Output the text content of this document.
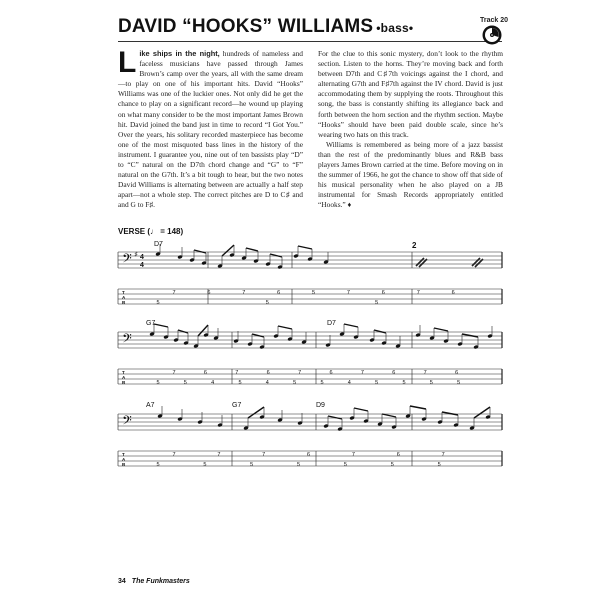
DAVID “HOOKS” WILLIAMS •bass•
Track 20

Like ships in the night, hundreds of nameless and faceless musicians have passed through James Brown’s camp over the years, all with the same dream—to play on one of his important hits. David “Hooks” Williams was one of the luckier ones. Not only did he get the chance to play on a significant record—he wound up playing on what many consider to be the most important James Brown hit. David joined the band just in time to record “I Got You.” Over the years, his solitary recorded masterpiece has become one of the most misquoted bass lines in the history of the instrument. I guarantee you, nine out of ten bassists play “D” to “C” natural on the D7th chord change and “G” to “F” natural on the G7th. It’s a bit tough to hear, but the two notes David Williams is alternating between are actually a half step apart—not a whole step. The correct pitches are D to C♯ and and G to F♯.

For the clue to this sonic mystery, don’t look to the rhythm section. Listen to the horns. They’re moving back and forth between D7th and C♯7th voicings against the I chord, and alternating G7th and F♯7th against the IV chord. David is just accommodating them by supplying the roots. Throughout this song, the bass is constantly shifting its allegiance back and forth between the horn section and the rhythm section. Maybe “Hooks” should have been paid double scale, since he’s wearing two hats on this track.

Williams is remembered as being more of a jazz bassist than the rest of the predominantly blues and R&B bass players James Brown carried at the time. Before moving on in the summer of 1966, he got the chance to show off that side of his musical personality when he also played on a JB instrumental for Smash Records appropriately entitled “Hooks.” ♦

VERSE (♩ = 148)
D7	2
G7	D7
A7	G7	D9
𝄢
T
A
B
4
4
♯
7	6	7	6	5	7	6	7	6
5	5	5
𝄢
T
A
B
7	6	7	6	7	6	7	6	7	6
5	5	4	5	4	5	5	4	5	5	5	5
𝄢
T
A
B
7	7	7	6	7	6	7
5	5	5	5	5	5	5
34 The Funkmasters
